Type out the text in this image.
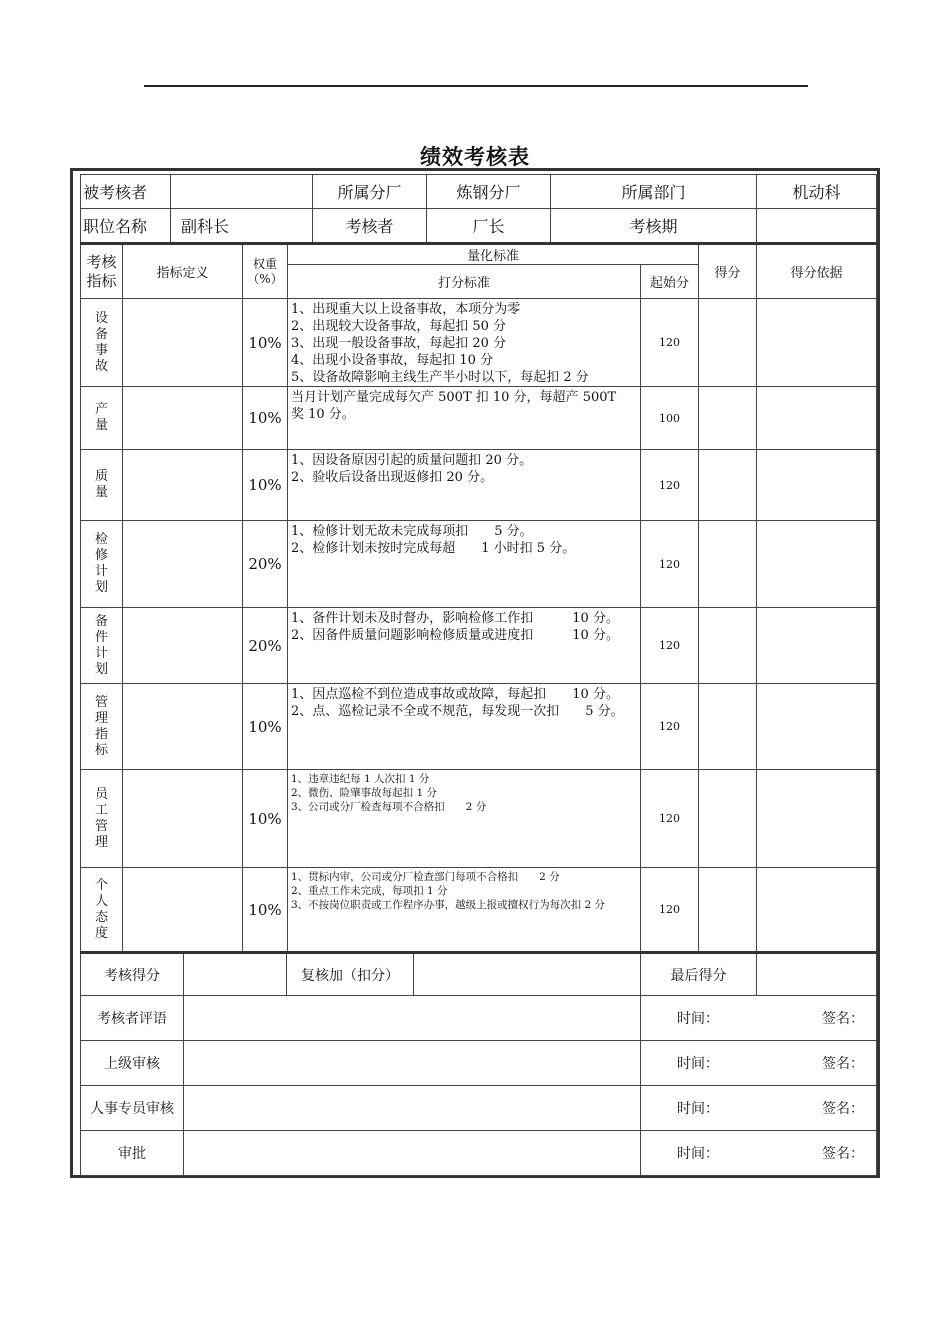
绩效考核表
被考核者		所属分厂	炼钢分厂	所属部门	机动科
职位名称	副科长	考核者	厂长	考核期	
考核指标	指标定义	权重（%）	量化标准		得分	得分依据
			打分标准	起始分		
设备事故		10%	1、出现重大以上设备事故，本项分为零
2、出现较大设备事故，每起扣 50 分
3、出现一般设备事故，每起扣 20 分
4、出现小设备事故，每起扣 10 分
5、设备故障影响主线生产半小时以下，每起扣 2 分	120		
产量		10%	当月计划产量完成每欠产 500T 扣 10 分，每超产 500T
奖 10 分。	100		
质量		10%	1、因设备原因引起的质量问题扣 20 分。
2、验收后设备出现返修扣 20 分。	120		
检修计划		20%	1、检修计划无故未完成每项扣　　5 分。
2、检修计划未按时完成每超　　1 小时扣 5 分。	120		
备件计划		20%	1、备件计划未及时督办，影响检修工作扣　　　10 分。
2、因备件质量问题影响检修质量或进度扣　　　10 分。	120		
管理指标		10%	1、因点巡检不到位造成事故或故障，每起扣　　10 分。
2、点、巡检记录不全或不规范，每发现一次扣　　5 分。	120		
员工管理		10%	1、违章违纪每 1 人次扣 1 分
2、微伤、险肇事故每起扣 1 分
3、公司或分厂检查每项不合格扣　　2 分	120		
个人态度		10%	1、贯标内审，公司或分厂检查部门每项不合格扣　　2 分
2、重点工作未完成，每项扣 1 分
3、不按岗位职责或工作程序办事，越级上报或擅权行为每次扣 2 分	120		
考核得分		复核加（扣分）		最后得分	
考核者评语				时间： 签名：	

上级审核				时间： 签名：	

人事专员审核				时间： 签名：	

审批				时间： 签名：	
